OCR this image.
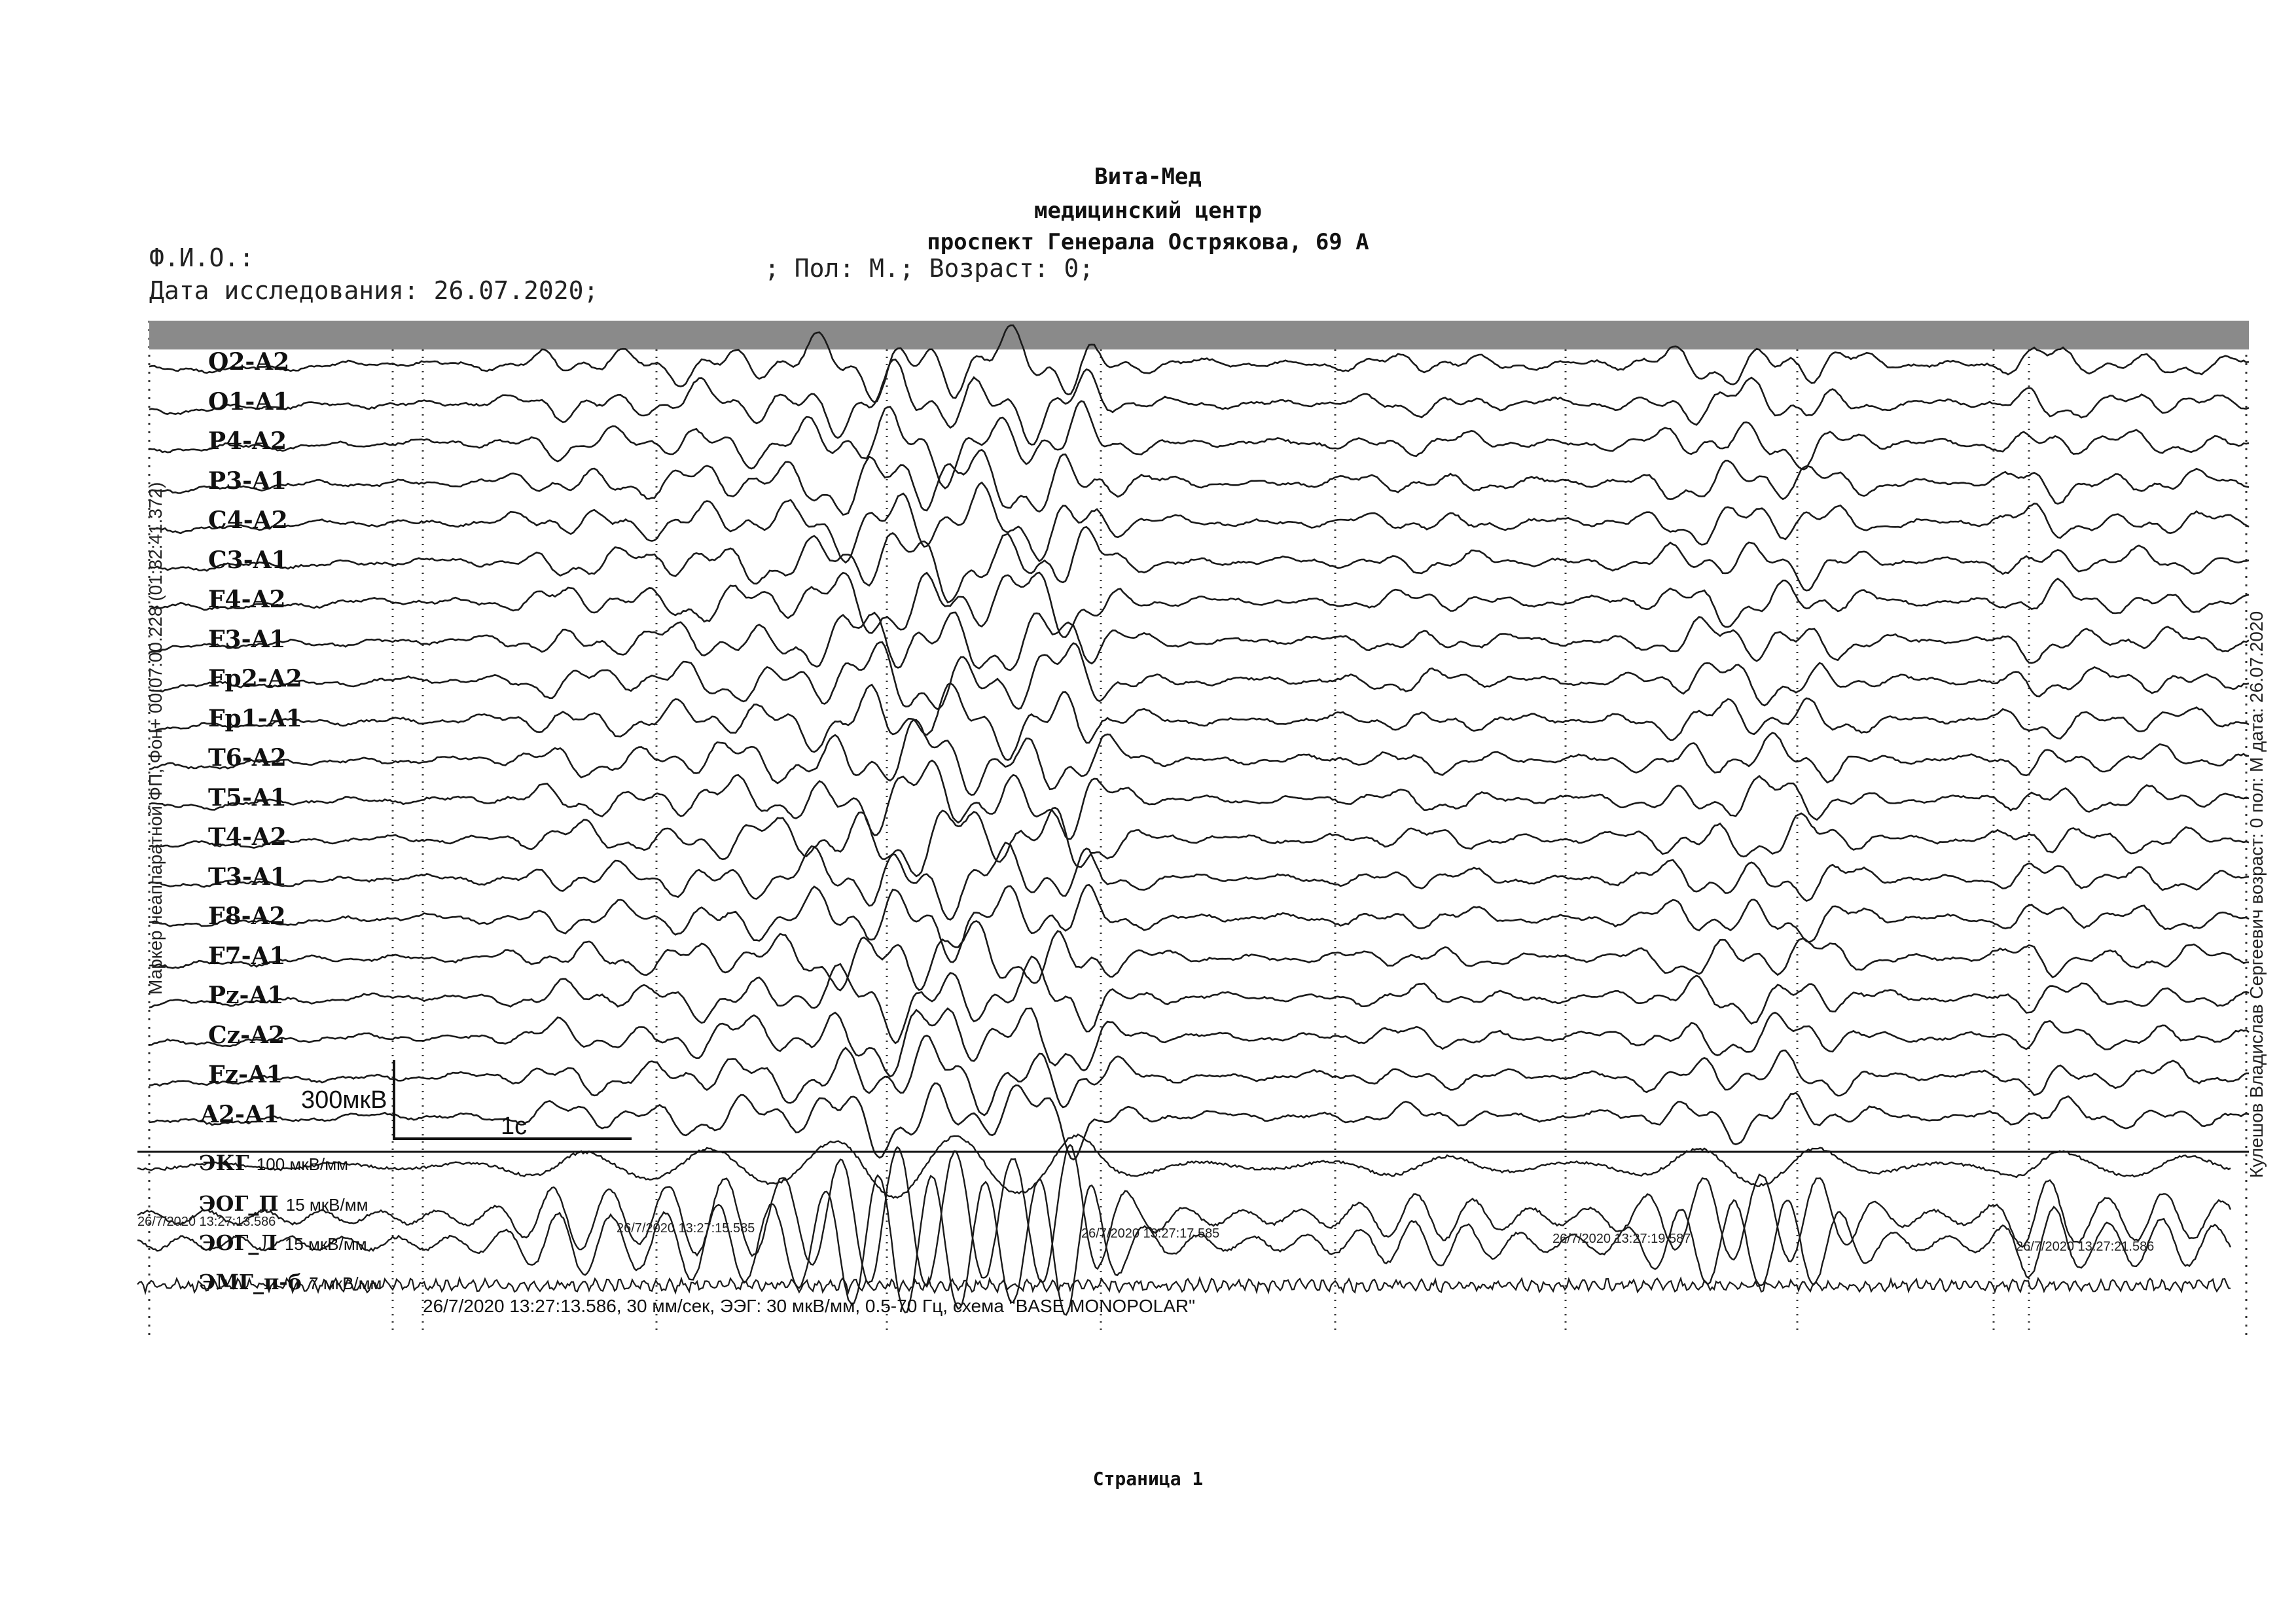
Вита-Мед
медицинский центр
проспект Генерала Острякова, 69 А
Ф.И.О.:
Дата исследования: 26.07.2020;
; Пол: М.; Возраст: 0;
O2-A2
O1-A1
P4-A2
P3-A1
C4-A2
C3-A1
F4-A2
F3-A1
Fp2-A2
Fp1-A1
T6-A2
T5-A1
T4-A2
T3-A1
F8-A2
F7-A1
Pz-A1
Cz-A2
Fz-A1
A2-A1
ЭКГ 100 мкВ/мм
ЭОГ_П 15 мкВ/мм
ЭОГ_Л 15 мкВ/мм
ЭМГ_п-б 7 мкВ/мм
300мкВ
1с
26/7/2020 13:27:13.586	26/7/2020 13:27:15.585	26/7/2020 13:27:17.585	26/7/2020 13:27:19.587
26/7/2020 13:27:21.586
26/7/2020 13:27:13.586, 30 мм/сек, ЭЭГ: 30 мкВ/мм, 0.5-70 Гц, схема "BASE MONOPOLAR"
Маркер неаппаратной ФП, Фон+ 00:07:00.228 (01:32:41.372)	Кулешов Владислав Сергеевич возраст: 0 пол: М дата: 26.07.2020
Страница 1
